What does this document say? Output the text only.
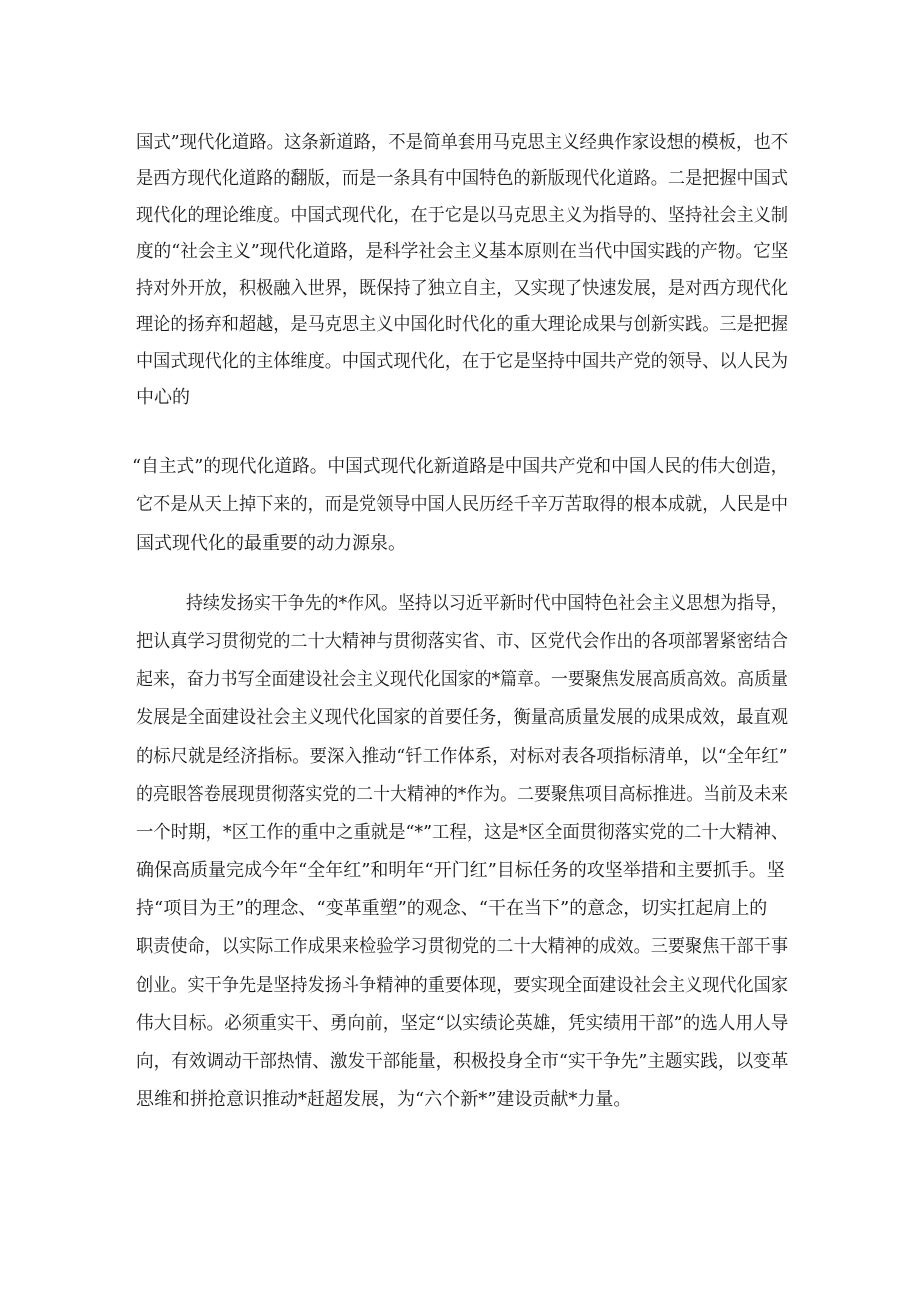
国式”现代化道路。这条新道路，不是简单套用马克思主义经典作家设想的模板，也不
是西方现代化道路的翻版，而是一条具有中国特色的新版现代化道路。二是把握中国式
现代化的理论维度。中国式现代化，在于它是以马克思主义为指导的、坚持社会主义制
度的“社会主义”现代化道路，是科学社会主义基本原则在当代中国实践的产物。它坚
持对外开放，积极融入世界，既保持了独立自主，又实现了快速发展，是对西方现代化
理论的扬弃和超越，是马克思主义中国化时代化的重大理论成果与创新实践。三是把握
中国式现代化的主体维度。中国式现代化，在于它是坚持中国共产党的领导、以人民为
中心的
“自主式”的现代化道路。中国式现代化新道路是中国共产党和中国人民的伟大创造，
它不是从天上掉下来的，而是党领导中国人民历经千辛万苦取得的根本成就，人民是中
国式现代化的最重要的动力源泉。
持续发扬实干争先的*作风。坚持以习近平新时代中国特色社会主义思想为指导，
把认真学习贯彻党的二十大精神与贯彻落实省、市、区党代会作出的各项部署紧密结合
起来，奋力书写全面建设社会主义现代化国家的*篇章。一要聚焦发展高质高效。高质量
发展是全面建设社会主义现代化国家的首要任务，衡量高质量发展的成果成效，最直观
的标尺就是经济指标。要深入推动“钎工作体系，对标对表各项指标清单，以“全年红”
的亮眼答卷展现贯彻落实党的二十大精神的*作为。二要聚焦项目高标推进。当前及未来
一个时期，*区工作的重中之重就是“*”工程，这是*区全面贯彻落实党的二十大精神、
确保高质量完成今年“全年红”和明年“开门红”目标任务的攻坚举措和主要抓手。坚
持“项目为王”的理念、“变革重塑”的观念、“干在当下”的意念，切实扛起肩上的
职责使命，以实际工作成果来检验学习贯彻党的二十大精神的成效。三要聚焦干部干事
创业。实干争先是坚持发扬斗争精神的重要体现，要实现全面建设社会主义现代化国家
伟大目标。必须重实干、勇向前，坚定“以实绩论英雄，凭实绩用干部”的选人用人导
向，有效调动干部热情、激发干部能量，积极投身全市“实干争先”主题实践，以变革
思维和拼抢意识推动*赶超发展，为“六个新*”建设贡献*力量。
